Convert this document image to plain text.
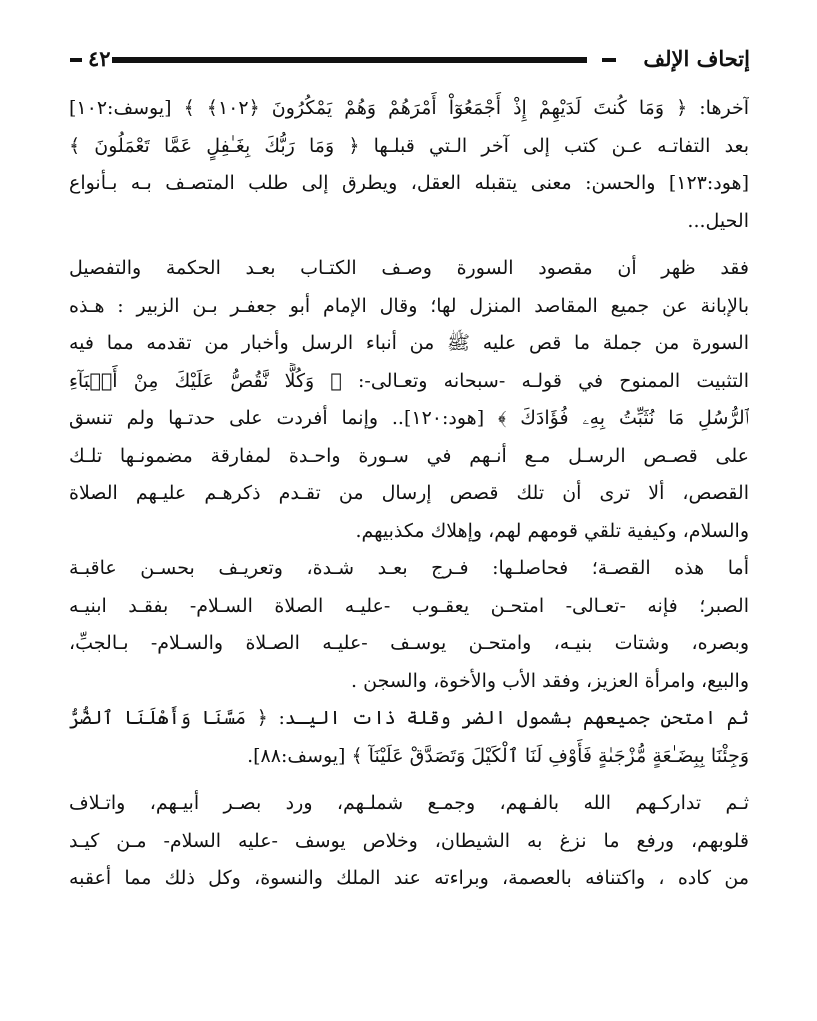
إتحاف الإلف
٤٢
آخرها: ﴿ وَمَا كُنتَ لَدَيْهِمْ إِذْ أَجْمَعُوٓاْ أَمْرَهُمْ وَهُمْ يَمْكُرُونَ ﴿١٠٢﴾ ﴾ [يوسف:١٠٢]
بعد التفاتـه عـن كتب إلى آخر الـتي قبلـها ﴿ وَمَا رَبُّكَ بِغَـٰفِلٍ عَمَّا تَعْمَلُونَ ﴾
[هود:١٢٣] والحسن: معنى يتقبله العقل، ويطرق إلى طلب المتصـف بـه بـأنواع
الحيل...
فقد ظهر أن مقصود السورة وصـف الكتـاب بعـد الحكمة والتفصيل
بالإبانة عن جميع المقاصد المنزل لها؛ وقال الإمام أبو جعفـر بـن الزبير : هـذه
السورة من جملة ما قص عليه ﷺ من أنباء الرسل وأخبار من تقدمه مما فيه
التثبيت الممنوح في قولـه -سبحانه وتعـالى-: ﴿ وَكُلًّا نَّقُصُّ عَلَيْكَ مِنْ أَنۢبَآءِ
ٱلرُّسُلِ مَا نُثَبِّتُ بِهِۦ فُؤَادَكَ ﴾ [هود:١٢٠].. وإنما أفردت على حدتـها ولم تنسق
على قصـص الرسـل مـع أنـهم في سـورة واحـدة لمفارقة مضمونـها تلـك
القصص، ألا ترى أن تلك قصص إرسال من تقـدم ذكرهـم عليـهم الصلاة
والسلام، وكيفية تلقي قومهم لهم، وإهلاك مكذبيهم.
أما هذه القصـة؛ فحاصلـها: فـرج بعـد شـدة، وتعريـف بحسـن عاقبـة
الصبر؛ فإنه -تعـالى- امتحـن يعقـوب -عليـه الصلاة السـلام- بفقـد ابنيـه
وبصره، وشتات بنيـه، وامتحـن يوسـف -عليـه الصـلاة والسـلام- بـالجبِّ،
والبيع، وامرأة العزيز، وفقد الأب والأخوة، والسجن .
ثم امتحن جميعهم بشمول الضر وقلة ذات اليـد: ﴿ مَسَّنَا وَأَهْلَنَا ٱلضُّرُّ
وَجِئْنَا بِبِضَـٰعَةٍ مُّزْجَىٰةٍ فَأَوْفِ لَنَا ٱلْكَيْلَ وَتَصَدَّقْ عَلَيْنَآ ﴾ [يوسف:٨٨].
ثـم تداركـهم الله بالفـهم، وجمـع شملـهم، ورد بصـر أبيـهم، واتـلاف
قلوبهم، ورفع ما نزغ به الشيطان، وخلاص يوسف -عليه السلام- مـن كيـد
من كاده ، واكتنافه بالعصمة، وبراءته عند الملك والنسوة، وكل ذلك مما أعقبه
